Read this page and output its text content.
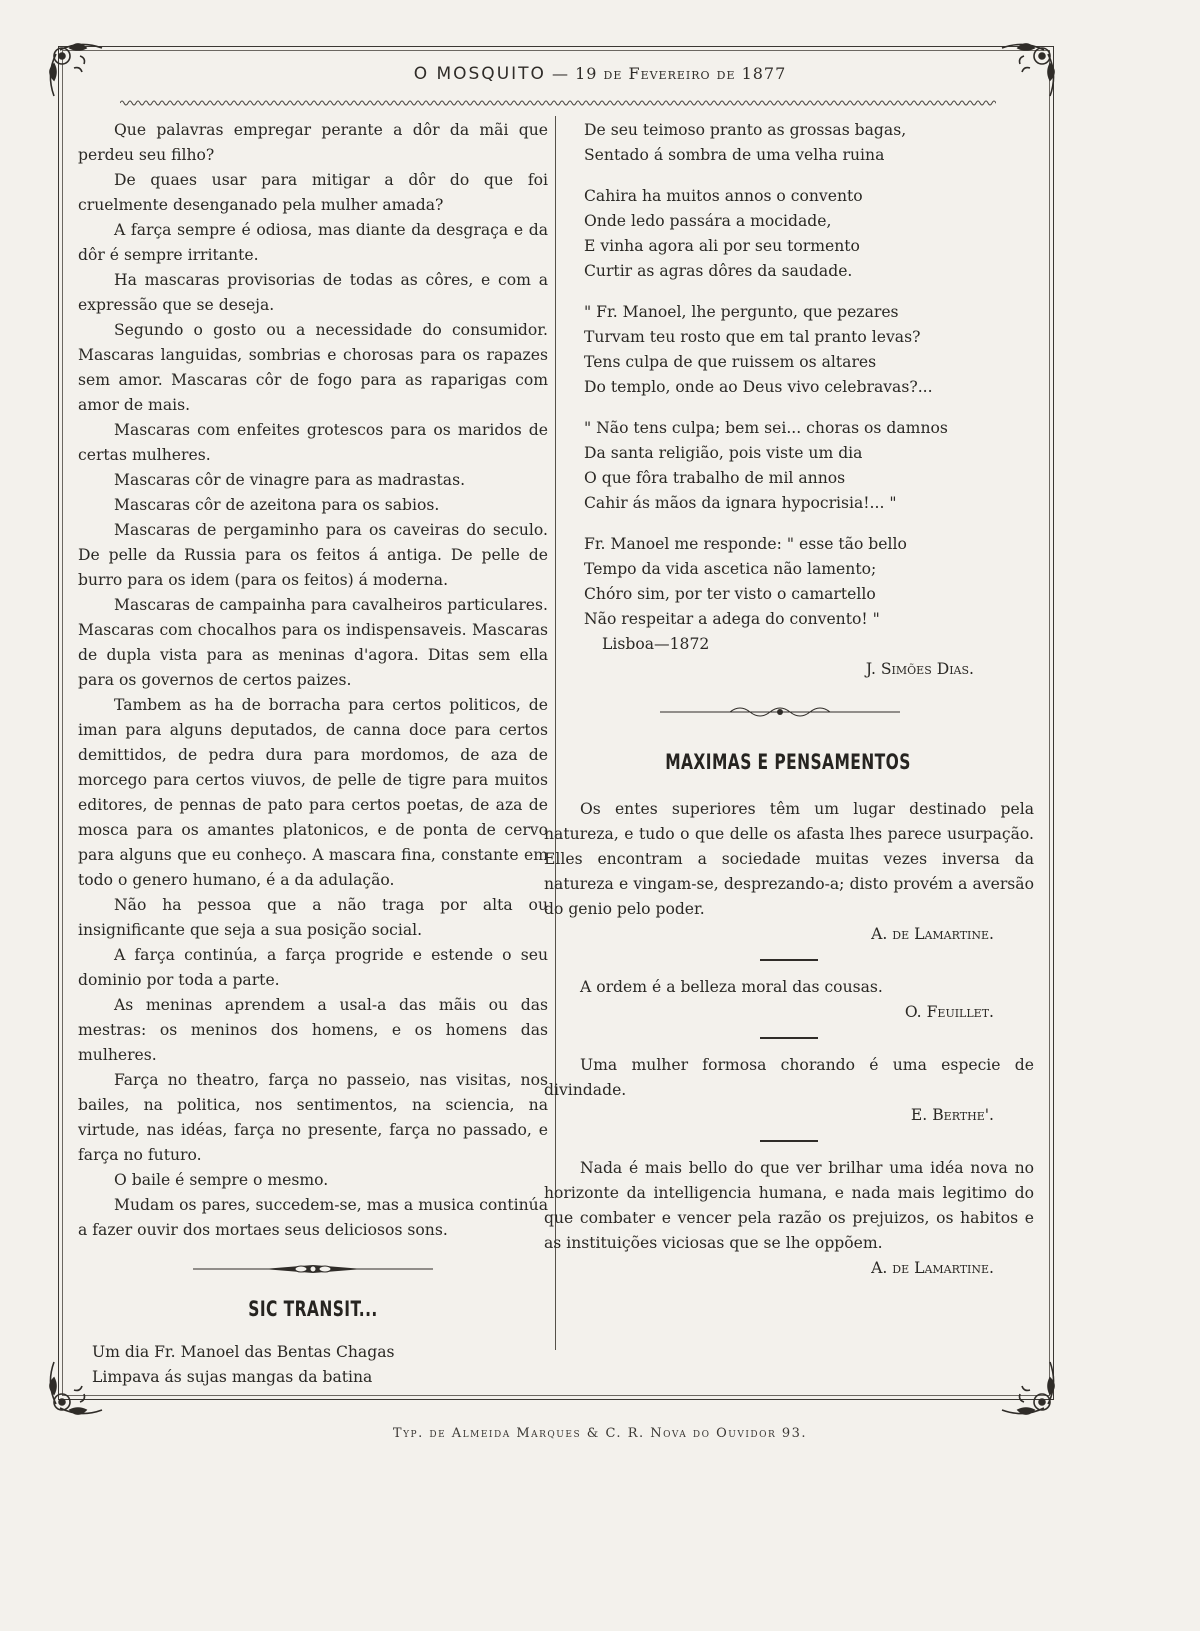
O MOSQUITO — 19 de Fevereiro de 1877

Que palavras empregar perante a dôr da mãi que perdeu seu filho?

De quaes usar para mitigar a dôr do que foi cruelmente desenganado pela mulher amada?

A farça sempre é odiosa, mas diante da desgraça e da dôr é sempre irritante.

Ha mascaras provisorias de todas as côres, e com a expressão que se deseja.

Segundo o gosto ou a necessidade do consumidor. Mascaras languidas, sombrias e chorosas para os rapazes sem amor. Mascaras côr de fogo para as raparigas com amor de mais.

Mascaras com enfeites grotescos para os maridos de certas mulheres.

Mascaras côr de vinagre para as madrastas.

Mascaras côr de azeitona para os sabios.

Mascaras de pergaminho para os caveiras do seculo. De pelle da Russia para os feitos á antiga. De pelle de burro para os idem (para os feitos) á moderna.

Mascaras de campainha para cavalheiros particulares. Mascaras com chocalhos para os indispensaveis. Mascaras de dupla vista para as meninas d'agora. Ditas sem ella para os governos de certos paizes.

Tambem as ha de borracha para certos politicos, de iman para alguns deputados, de canna doce para certos demittidos, de pedra dura para mordomos, de aza de morcego para certos viuvos, de pelle de tigre para muitos editores, de pennas de pato para certos poetas, de aza de mosca para os amantes platonicos, e de ponta de cervo para alguns que eu conheço. A mascara fina, constante em todo o genero humano, é a da adulação.

Não ha pessoa que a não traga por alta ou insignificante que seja a sua posição social.

A farça continúa, a farça progride e estende o seu dominio por toda a parte.

As meninas aprendem a usal-a das mãis ou das mestras: os meninos dos homens, e os homens das mulheres.

Farça no theatro, farça no passeio, nas visitas, nos bailes, na politica, nos sentimentos, na sciencia, na virtude, nas idéas, farça no presente, farça no passado, e farça no futuro.

O baile é sempre o mesmo.

Mudam os pares, succedem-se, mas a musica continúa a fazer ouvir dos mortaes seus deliciosos sons.

SIC TRANSIT...
Um dia Fr. Manoel das Bentas Chagas
Limpava ás sujas mangas da batina
De seu teimoso pranto as grossas bagas,
Sentado á sombra de uma velha ruina
Cahira ha muitos annos o convento
Onde ledo passára a mocidade,
E vinha agora ali por seu tormento
Curtir as agras dôres da saudade.
" Fr. Manoel, lhe pergunto, que pezares
Turvam teu rosto que em tal pranto levas?
Tens culpa de que ruissem os altares
Do templo, onde ao Deus vivo celebravas?...
" Não tens culpa; bem sei... choras os damnos
Da santa religião, pois viste um dia
O que fôra trabalho de mil annos
Cahir ás mãos da ignara hypocrisia!... "
Fr. Manoel me responde: " esse tão bello
Tempo da vida ascetica não lamento;
Chóro sim, por ter visto o camartello
Não respeitar a adega do convento! "
Lisboa—1872
J. Simões Dias.
MAXIMAS E PENSAMENTOS

Os entes superiores têm um lugar destinado pela natureza, e tudo o que delle os afasta lhes parece usurpação. Elles encontram a sociedade muitas vezes inversa da natureza e vingam-se, desprezando-a; disto provém a aversão do genio pelo poder.

A. de Lamartine.

A ordem é a belleza moral das cousas.

O. Feuillet.

Uma mulher formosa chorando é uma especie de divindade.

E. Berthe'.

Nada é mais bello do que ver brilhar uma idéa nova no horizonte da intelligencia humana, e nada mais legitimo do que combater e vencer pela razão os prejuizos, os habitos e as instituições viciosas que se lhe oppõem.

A. de Lamartine.
Typ. de Almeida Marques & C. R. Nova do Ouvidor 93.
